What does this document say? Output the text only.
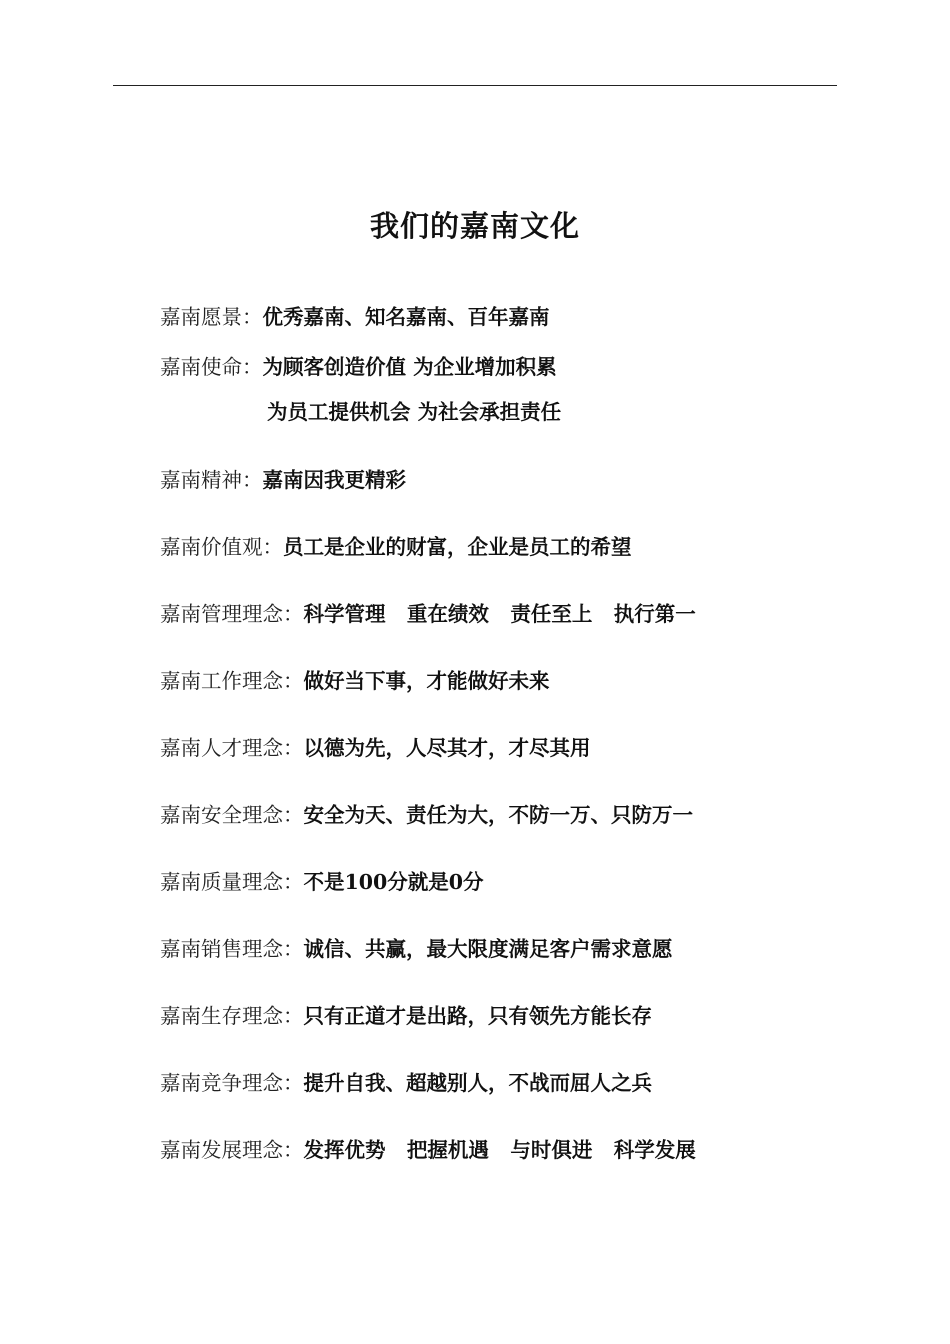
我们的嘉南文化
嘉南愿景：优秀嘉南、知名嘉南、百年嘉南
嘉南使命：为顾客创造价值 为企业增加积累
为员工提供机会 为社会承担责任
嘉南精神：嘉南因我更精彩
嘉南价值观：员工是企业的财富，企业是员工的希望
嘉南管理理念：科学管理   重在绩效   责任至上   执行第一
嘉南工作理念：做好当下事，才能做好未来
嘉南人才理念：以德为先，人尽其才，才尽其用
嘉南安全理念：安全为天、责任为大，不防一万、只防万一
嘉南质量理念：不是100分就是0分
嘉南销售理念：诚信、共赢，最大限度满足客户需求意愿
嘉南生存理念：只有正道才是出路，只有领先方能长存
嘉南竞争理念：提升自我、超越别人，不战而屈人之兵
嘉南发展理念：发挥优势   把握机遇   与时俱进   科学发展
